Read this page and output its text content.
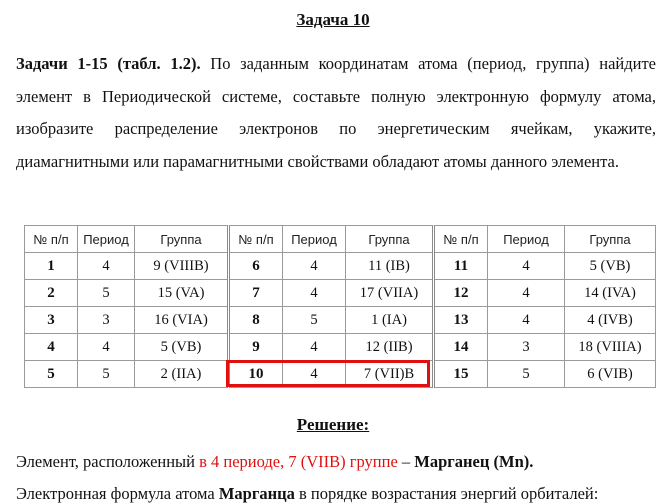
Задача 10
Задачи 1-15 (табл. 1.2). По заданным координатам атома (период, группа) найдите элемент в Периодической системе, составьте полную электронную формулу атома, изобразите распределение электронов по энергетическим ячейкам, укажите, диамагнитными или парамагнитными свойствами обладают атомы данного элемента.
№ п/п	Период	Группа	№ п/п	Период	Группа	№ п/п	Период	Группа
1	4	9 (VIIIB)	6	4	11 (IB)	11	4	5 (VB)
2	5	15 (VA)	7	4	17 (VIIA)	12	4	14 (IVA)
3	3	16 (VIA)	8	5	1 (IA)	13	4	4 (IVB)
4	4	5 (VB)	9	4	12 (IIB)	14	3	18 (VIIIA)
5	5	2 (IIA)	10	4	7 (VII)B	15	5	6 (VIB)
Решение:
Элемент, расположенный в 4 периоде, 7 (VIIB) группе – Марганец (Mn).
Электронная формула атома Марганца в порядке возрастания энергий орбиталей:
